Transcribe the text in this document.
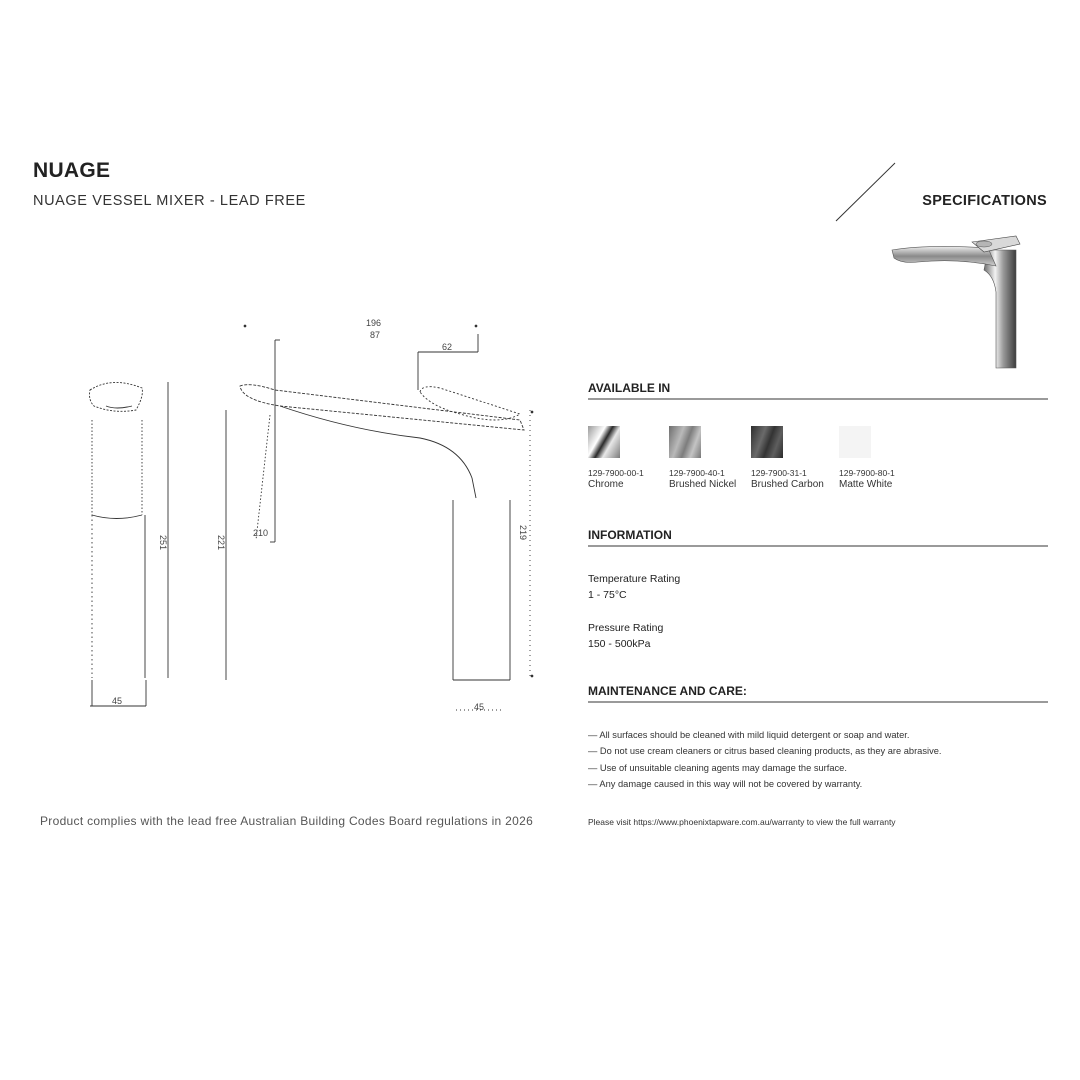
NUAGE
NUAGE VESSEL MIXER - LEAD FREE	SPECIFICATIONS
196
87
62
251	221
210	219
45
45
AVAILABLE IN
129-7900-00-1
Chrome
129-7900-40-1
Brushed Nickel
129-7900-31-1
Brushed Carbon
129-7900-80-1
Matte White
INFORMATION
Temperature Rating
1 - 75°C
Pressure Rating
150 - 500kPa
MAINTENANCE AND CARE:
— All surfaces should be cleaned with mild liquid detergent or soap and water.
— Do not use cream cleaners or citrus based cleaning products, as they are abrasive.
— Use of unsuitable cleaning agents may damage the surface.
— Any damage caused in this way will not be covered by warranty.
Product complies with the lead free Australian Building Codes Board regulations in 2026	Please visit https://www.phoenixtapware.com.au/warranty to view the full warranty
